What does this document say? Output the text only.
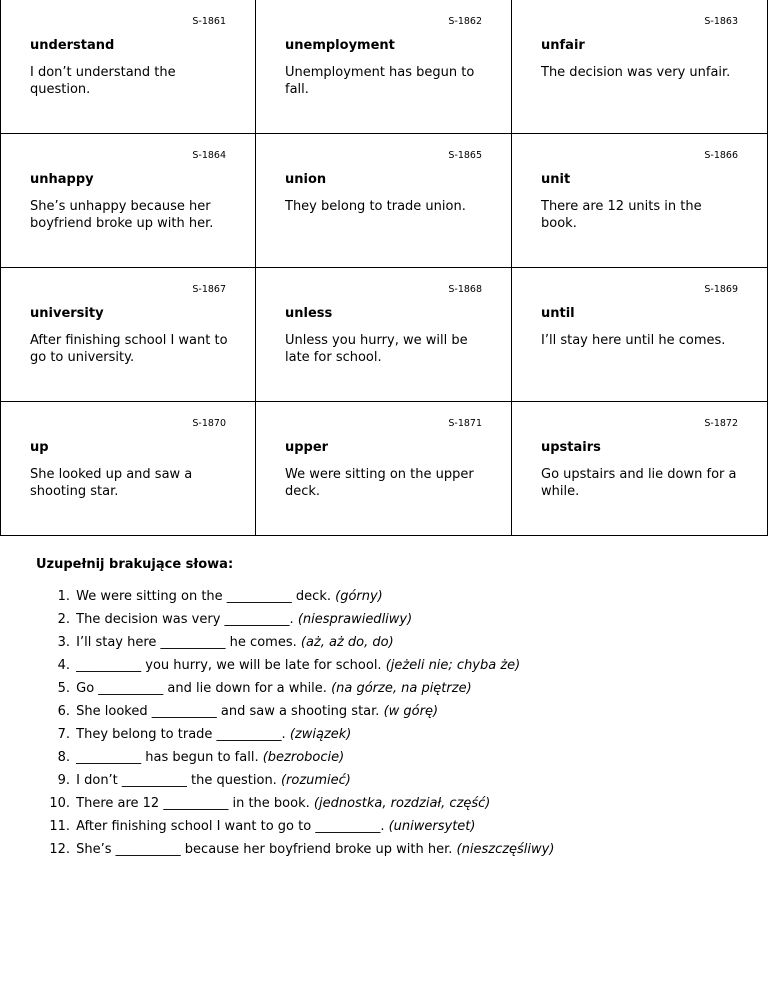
S-1861
understand
I don’t understand the question.
S-1862
unemployment
Unemployment has begun to fall.
S-1863
unfair
The decision was very unfair.
S-1864
unhappy
She’s unhappy because her boyfriend broke up with her.
S-1865
union
They belong to trade union.
S-1866
unit
There are 12 units in the book.
S-1867
university
After finishing school I want to go to university.
S-1868
unless
Unless you hurry, we will be late for school.
S-1869
until
I’ll stay here until he comes.
S-1870
up
She looked up and saw a shooting star.
S-1871
upper
We were sitting on the upper deck.
S-1872
upstairs
Go upstairs and lie down for a while.
Uzupełnij brakujące słowa:
1. We were sitting on the __________ deck. (górny)
2. The decision was very __________. (niesprawiedliwy)
3. I’ll stay here __________ he comes. (aż, aż do, do)
4. __________ you hurry, we will be late for school. (jeżeli nie; chyba że)
5. Go __________ and lie down for a while. (na górze, na piętrze)
6. She looked __________ and saw a shooting star. (w górę)
7. They belong to trade __________. (związek)
8. __________ has begun to fall. (bezrobocie)
9. I don’t __________ the question. (rozumieć)
10. There are 12 __________ in the book. (jednostka, rozdział, część)
11. After finishing school I want to go to __________. (uniwersytet)
12. She’s __________ because her boyfriend broke up with her. (nieszczęśliwy)
